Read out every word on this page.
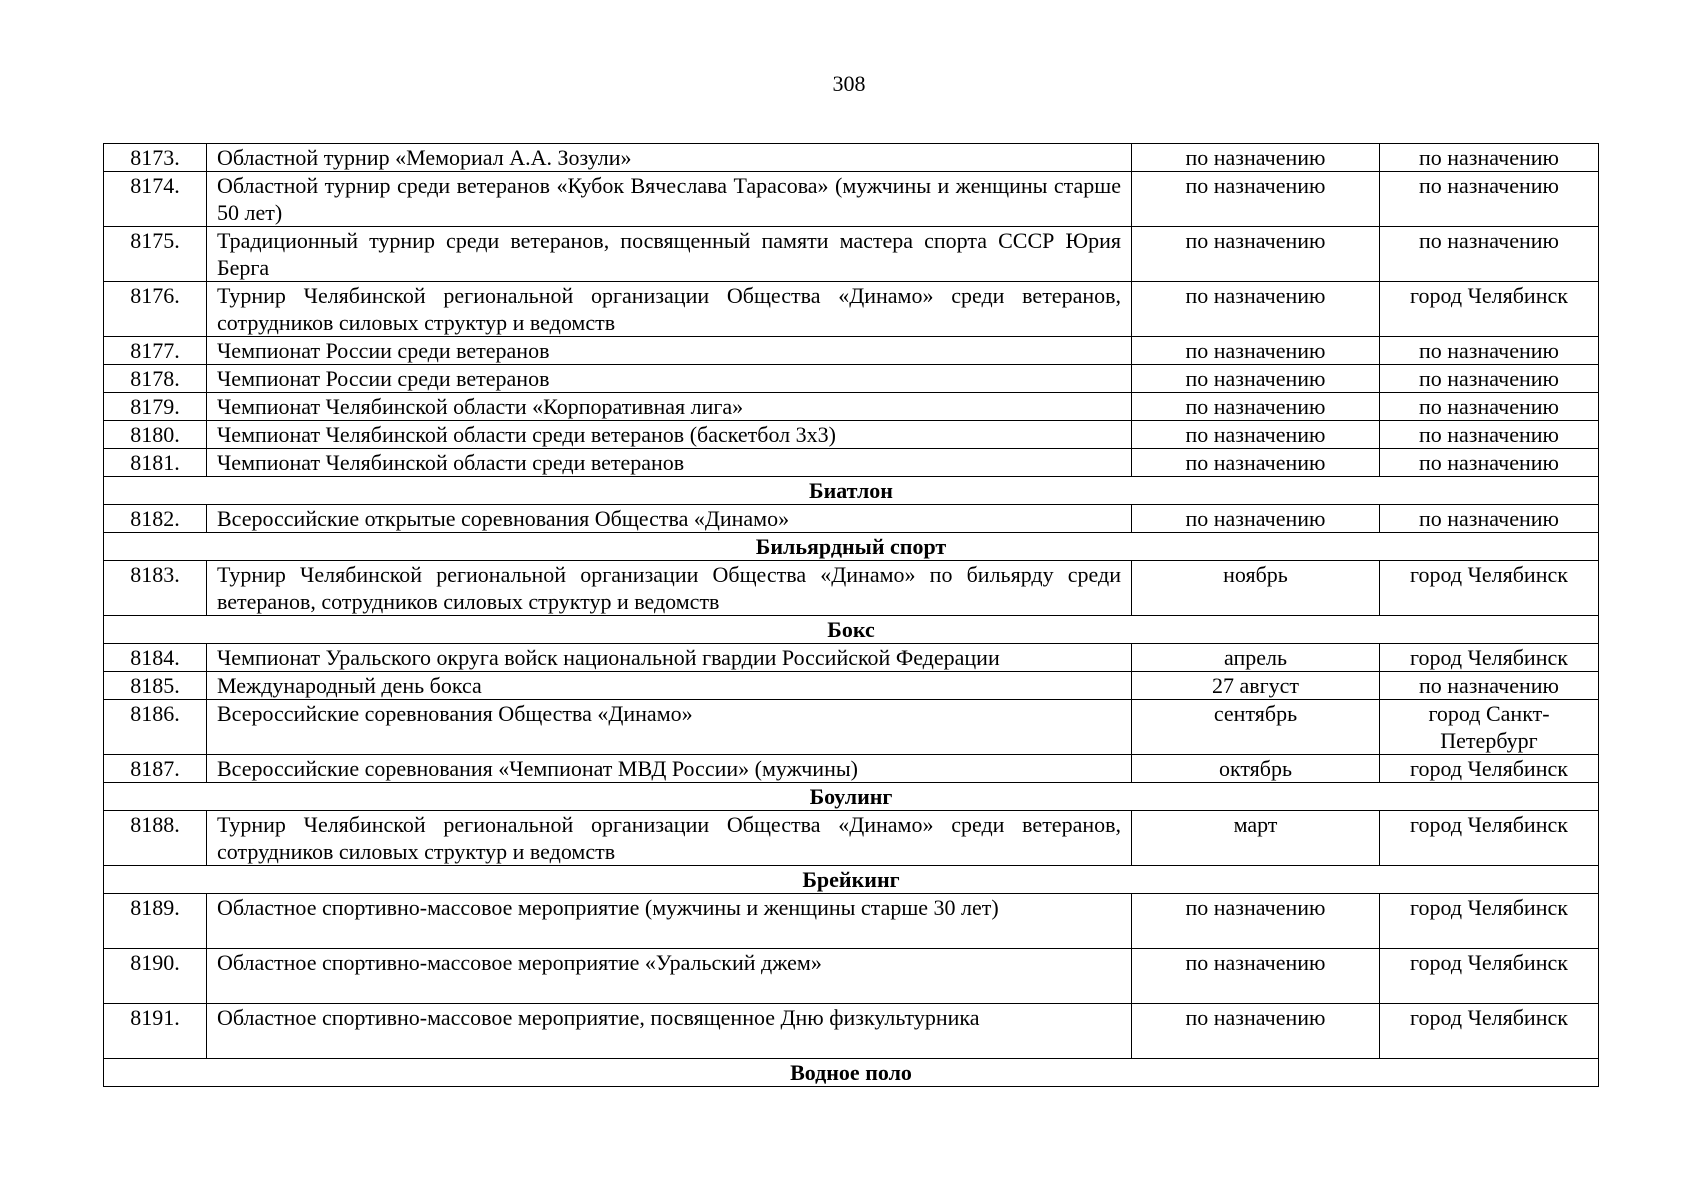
308
8173.	Областной турнир «Мемориал А.А. Зозули»	по назначению	по назначению
8174.	Областной турнир среди ветеранов «Кубок Вячеслава Тарасова» (мужчины и женщины старше 50 лет)	по назначению	по назначению
8175.	Традиционный турнир среди ветеранов, посвященный памяти мастера спорта СССР Юрия Берга	по назначению	по назначению
8176.	Турнир Челябинской региональной организации Общества «Динамо» среди ветеранов, сотрудников силовых структур и ведомств	по назначению	город Челябинск
8177.	Чемпионат России среди ветеранов	по назначению	по назначению
8178.	Чемпионат России среди ветеранов	по назначению	по назначению
8179.	Чемпионат Челябинской области «Корпоративная лига»	по назначению	по назначению
8180.	Чемпионат Челябинской области среди ветеранов (баскетбол 3х3)	по назначению	по назначению
8181.	Чемпионат Челябинской области среди ветеранов	по назначению	по назначению
Биатлон			
8182.	Всероссийские открытые соревнования Общества «Динамо»	по назначению	по назначению
Бильярдный спорт			
8183.	Турнир Челябинской региональной организации Общества «Динамо» по бильярду среди ветеранов, сотрудников силовых структур и ведомств	ноябрь	город Челябинск
Бокс			
8184.	Чемпионат Уральского округа войск национальной гвардии Российской Федерации	апрель	город Челябинск
8185.	Международный день бокса	27 август	по назначению
8186.	Всероссийские соревнования Общества «Динамо»	сентябрь	город Санкт-Петербург
8187.	Всероссийские соревнования «Чемпионат МВД России» (мужчины)	октябрь	город Челябинск
Боулинг			
8188.	Турнир Челябинской региональной организации Общества «Динамо» среди ветеранов, сотрудников силовых структур и ведомств	март	город Челябинск
Брейкинг			
8189.	Областное спортивно-массовое мероприятие (мужчины и женщины старше 30 лет)	по назначению	город Челябинск
8190.	Областное спортивно-массовое мероприятие «Уральский джем»	по назначению	город Челябинск
8191.	Областное спортивно-массовое мероприятие, посвященное Дню физкультурника	по назначению	город Челябинск
Водное поло			
